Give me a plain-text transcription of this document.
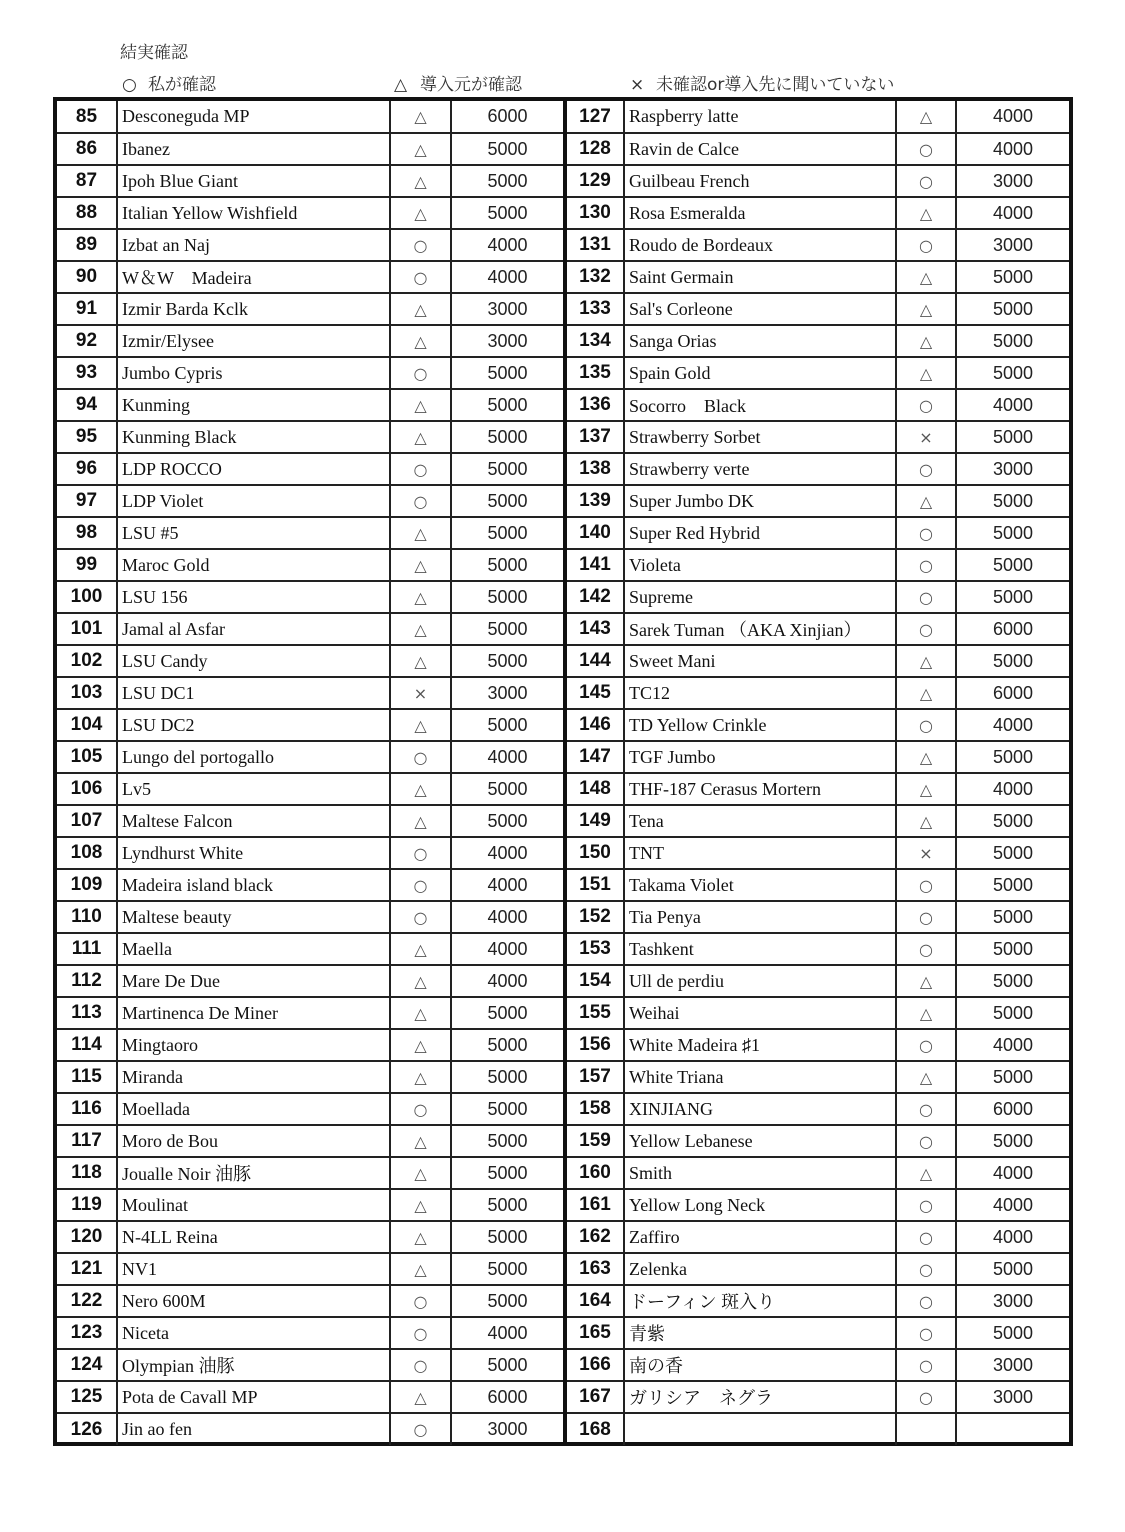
結実確認
○ 私が確認	△ 導入元が確認	× 未確認or導入先に聞いていない
85	Desconeguda MP	△	6000
86	Ibanez	△	5000
87	Ipoh Blue Giant	△	5000
88	Italian Yellow Wishfield	△	5000
89	Izbat an Naj	○	4000
90	W＆W　Madeira	○	4000
91	Izmir Barda Kclk	△	3000
92	Izmir/Elysee	△	3000
93	Jumbo Cypris	○	5000
94	Kunming	△	5000
95	Kunming Black	△	5000
96	LDP ROCCO	○	5000
97	LDP Violet	○	5000
98	LSU #5	△	5000
99	Maroc Gold	△	5000
100	LSU 156	△	5000
101	Jamal al Asfar	△	5000
102	LSU Candy	△	5000
103	LSU DC1	×	3000
104	LSU DC2	△	5000
105	Lungo del portogallo	○	4000
106	Lv5	△	5000
107	Maltese Falcon	△	5000
108	Lyndhurst White	○	4000
109	Madeira island black	○	4000
110	Maltese beauty	○	4000
111	Maella	△	4000
112	Mare De Due	△	4000
113	Martinenca De Miner	△	5000
114	Mingtaoro	△	5000
115	Miranda	△	5000
116	Moellada	○	5000
117	Moro de Bou	△	5000
118	Joualle Noir 油豚	△	5000
119	Moulinat	△	5000
120	N-4LL Reina	△	5000
121	NV1	△	5000
122	Nero 600M	○	5000
123	Niceta	○	4000
124	Olympian 油豚	○	5000
125	Pota de Cavall MP	△	6000
126	Jin ao fen	○	3000
127	Raspberry latte	△	4000
128	Ravin de Calce	○	4000
129	Guilbeau French	○	3000
130	Rosa Esmeralda	△	4000
131	Roudo de Bordeaux	○	3000
132	Saint Germain	△	5000
133	Sal's Corleone	△	5000
134	Sanga Orias	△	5000
135	Spain Gold	△	5000
136	Socorro　Black	○	4000
137	Strawberry Sorbet	×	5000
138	Strawberry verte	○	3000
139	Super Jumbo DK	△	5000
140	Super Red Hybrid	○	5000
141	Violeta	○	5000
142	Supreme	○	5000
143	Sarek Tuman （AKA Xinjian）	○	6000
144	Sweet Mani	△	5000
145	TC12	△	6000
146	TD Yellow Crinkle	○	4000
147	TGF Jumbo	△	5000
148	THF-187 Cerasus Mortern	△	4000
149	Tena	△	5000
150	TNT	×	5000
151	Takama Violet	○	5000
152	Tia Penya	○	5000
153	Tashkent	○	5000
154	Ull de perdiu	△	5000
155	Weihai	△	5000
156	White Madeira ♯1	○	4000
157	White Triana	△	5000
158	XINJIANG	○	6000
159	Yellow Lebanese	○	5000
160	Smith	△	4000
161	Yellow Long Neck	○	4000
162	Zaffiro	○	4000
163	Zelenka	○	5000
164	ドーフィン 斑入り	○	3000
165	青紫	○	5000
166	南の香	○	3000
167	ガリシア　ネグラ	○	3000
168			
